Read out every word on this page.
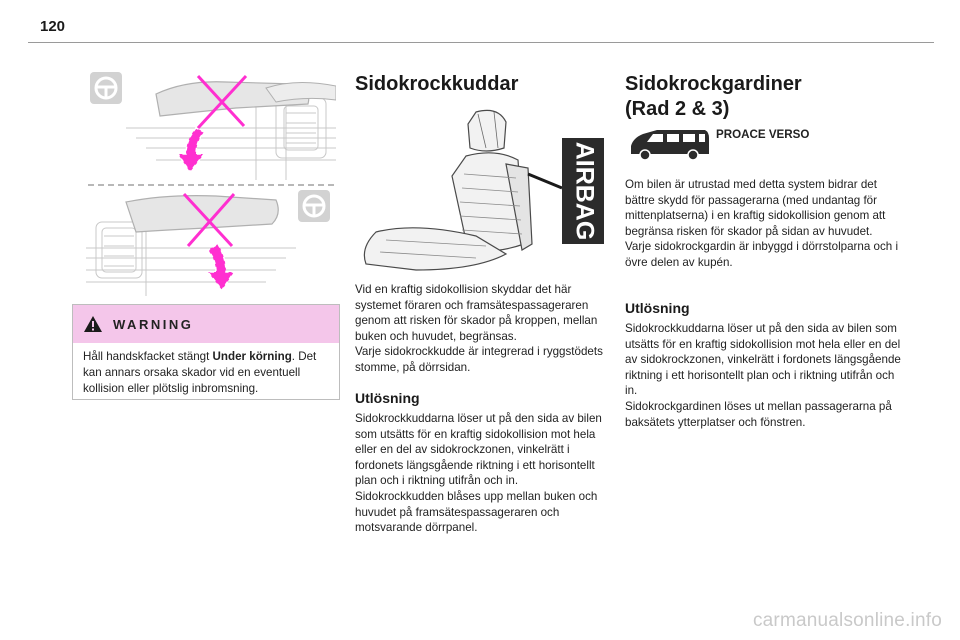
120
WARNING
Håll handskfacket stängt Under körning. Det kan annars orsaka skador vid en eventuell kollision eller plötslig inbromsning.
Sidokrockkuddar
AIRBAG
Vid en kraftig sidokollision skyddar det här systemet föraren och framsätespassageraren genom att risken för skador på kroppen, mellan buken och huvudet, begränsas.
Varje sidokrockkudde är integrerad i ryggstödets stomme, på dörrsidan.
Utlösning
Sidokrockkuddarna löser ut på den sida av bilen som utsätts för en kraftig sidokollision mot hela eller en del av sidokrockzonen, vinkelrätt i fordonets längsgående riktning i ett horisontellt plan och i riktning utifrån och in.
Sidokrockkudden blåses upp mellan buken och huvudet på framsätespassageraren och motsvarande dörrpanel.
Sidokrockgardiner
(Rad 2 & 3)
PROACE VERSO
Om bilen är utrustad med detta system bidrar det bättre skydd för passagerarna (med undantag för mittenplatserna) i en kraftig sidokollision genom att begränsa risken för skador på sidan av huvudet.
Varje sidokrockgardin är inbyggd i dörrstolparna och i övre delen av kupén.
Utlösning
Sidokrockkuddarna löser ut på den sida av bilen som utsätts för en kraftig sidokollision mot hela eller en del av sidokrockzonen, vinkelrätt i fordonets längsgående riktning i ett horisontellt plan och i riktning utifrån och in.
Sidokrockgardinen löses ut mellan passagerarna på baksätets ytterplatser och fönstren.
carmanualsonline.info
